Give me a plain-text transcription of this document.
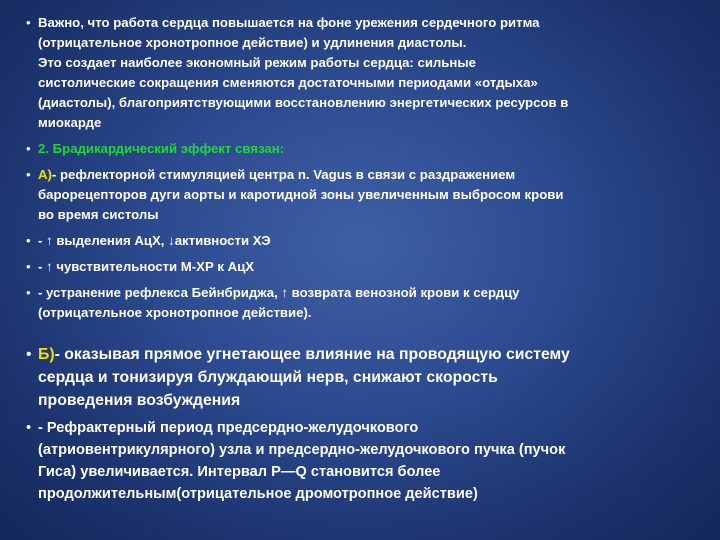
• Важно, что работа сердца повышается на фоне урежения сердечного ритма
(отрицательное хронотропное действие) и удлинения диастолы.
Это создает наиболее экономный режим работы сердца: сильные
систолические сокращения сменяются достаточными периодами «отдыха»
(диастолы), благоприятствующими восстановлению энергетических ресурсов в
миокарде
• 2. Брадикардический эффект связан:
• А)- рефлекторной стимуляцией центра n. Vagus в связи с раздражением
барорецепторов дуги аорты и каротидной зоны увеличенным выбросом крови
во время систолы
• - ↑ выделения АцХ, ↓активности ХЭ
• - ↑ чувствительности М-ХР к АцХ
• - устранение рефлекса Бейнбриджа, ↑ возврата венозной крови к сердцу
(отрицательное хронотропное действие).
• Б)- оказывая прямое угнетающее влияние на проводящую систему
сердца и тонизируя блуждающий нерв, снижают скорость
проведения возбуждения
• - Рефрактерный период предсердно-желудочкового
(атриовентрикулярного) узла и предсердно-желудочкового пучка (пучок
Гиса) увеличивается. Интервал P—Q становится более
продолжительным(отрицательное дромотропное действие)
